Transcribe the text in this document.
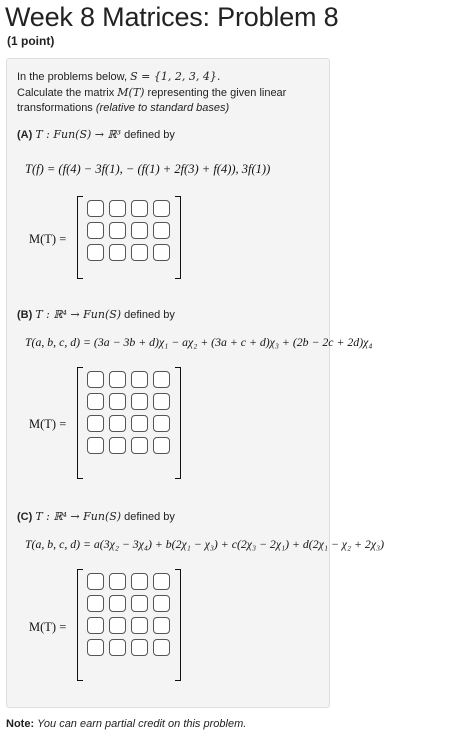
Week 8 Matrices: Problem 8
(1 point)
In the problems below, S = {1, 2, 3, 4}.
Calculate the matrix M(T) representing the given linear
transformations (relative to standard bases)
(A) T : Fun(S) → ℝ³ defined by
T(f) = (f(4) − 3f(1), − (f(1) + 2f(3) + f(4)), 3f(1))
M(T) =
(B) T : ℝ⁴ → Fun(S) defined by
T(a, b, c, d) = (3a − 3b + d)χ₁ − aχ₂ + (3a + c + d)χ₃ + (2b − 2c + 2d)χ₄
M(T) =
(C) T : ℝ⁴ → Fun(S) defined by
T(a, b, c, d) = a(3χ₂ − 3χ₄) + b(2χ₁ − χ₃) + c(2χ₃ − 2χ₁) + d(2χ₁ − χ₂ + 2χ₃)
M(T) =
Note: You can earn partial credit on this problem.
